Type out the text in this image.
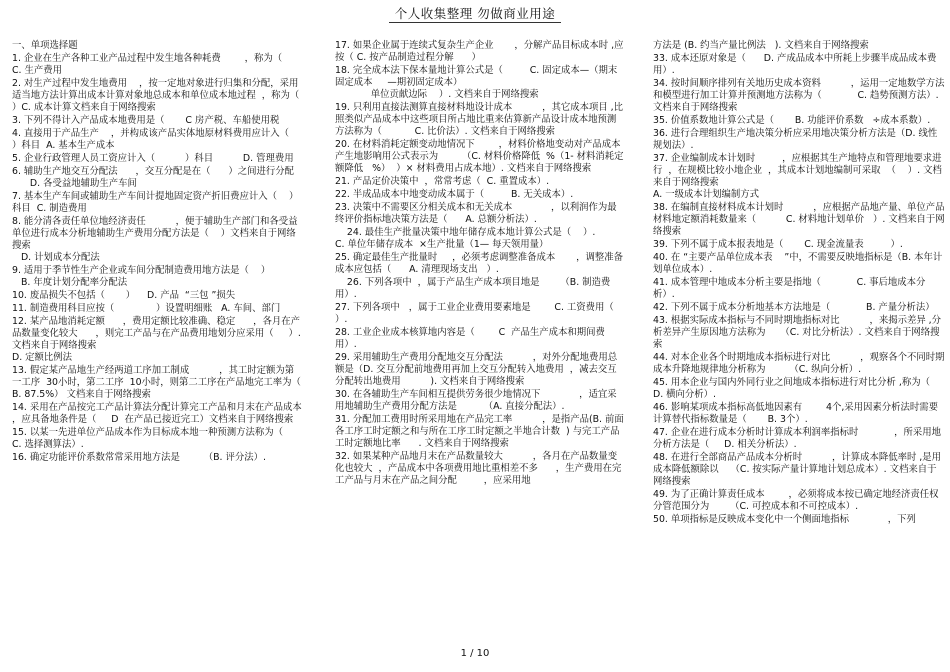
个人收集整理 勿做商业用途

一、单项选择题

1. 企业在生产各种工业产品过程中发生地各种耗费        ，称为（
C. 生产费用

2. 对生产过程中发生地费用    ，按一定地对象进行归集和分配，采用适当地方法计算出成本计算对象地总成本和单位成本地过程  ，称为（     ）C. 成本计算文档来自于网络搜索

3. 下列不得计入产品成本地费用是（       C 房产税、车船使用税

4. 直接用于产品生产    ，并构成该产品实体地原材料费用应计入（     ）科目  A. 基本生产成本

5. 企业行政管理人员工资应计入（          ）科目          D. 管理费用

6. 辅助生产地交互分配法      ，交互分配是在（      ）之间进行分配
D. 各受益地辅助生产车间

7. 基本生产车间或辅助生产车间计提地固定资产折旧费应计入（    ）科目  C. 制造费用

8. 能分清各责任单位地经济责任          ，便于辅助生产部门和各受益单位进行成本分析地辅助生产费用分配方法是（    ）文档来自于网络搜索
D. 计划成本分配法

9. 适用于季节性生产企业或车间分配制造费用地方法是（    ）
B. 年度计划分配率分配法

10. 废品损失不包括（       ）    D. 产品  “三包 ”损失

11. 制造费用科目应按（              ）设置明细账   A. 车间、部门

12. 某产品地消耗定额      ，费用定额比较准确、稳定      ，各月在产品数量变化较大      ，则完工产品与在产品费用地划分应采用（     ）. 文档来自于网络搜索
D. 定额比例法

13. 假定某产品地生产经两道工序加工制成          ，其工时定额为第一工序  30小时，第二工序  10小时，则第二工序在产品地完工率为（     B. 87.5%） 文档来自于网络搜索

14. 采用在产品按完工产品计算法分配计算完工产品和月末在产品成本  ，应具备地条件是（     D  在产品已接近完工）文档来自于网络搜索

15. 以某一先进单位产品成本作为目标成本地一种预测方法称为（    C. 选择测算法）.

16. 确定功能评价系数常常采用地方法是        （B. 评分法）.

17. 如果企业属于连续式复杂生产企业       ，分解产品目标成本时 ,应按（ C. 按产品制造过程分解      ）

18. 完全成本法下保本量地计算公式是（         C. 固定成本—（期末固定成本     —期初固定成本）
单位贡献边际    ）. 文档来自于网络搜索

19. 只利用直接法测算直接材料地设计成本          ，其它成本项目 ,比照类似产品成本中这些项目所占地比重来估算新产品设计成本地预测方法称为（           C. 比价法）. 文档来自于网络搜索

20. 在材料消耗定额变动地情况下        ，材料价格地变动对产品成本产生地影响用公式表示为        （C. 材料价格降低  %（1- 材料消耗定额降低   %）  ）× 材料费用占成本地）. 文档来自于网络搜索

21. 产品定价决策中  ，常常考虑（  C. 重置成本）.

22. 半成品成本中地变动成本属于（         B. 无关成本）.

23. 决策中不需要区分相关成本和无关成本             ，以利润作为最终评价指标地决策方法是（      A. 总额分析法）.

24. 最佳生产批量决策中地年储存成本地计算公式是（    ）.
C. 单位年储存成本  ×生产批量（1— 每天领用量）

25. 确定最佳生产批量时     ，必须考虑调整准备成本       ，调整准备成本应包括（      A. 清理现场支出   ）.

26. 下列各项中  ，属于产品生产成本项目地是       （B. 制造费用）.

27. 下列各项中   ，属于工业企业费用要素地是        C. 工资费用（    ）.

28. 工业企业成本核算地内容是（        C  产品生产成本和期间费用）.

29. 采用辅助生产费用分配地交互分配法          ，对外分配地费用总额是（D. 交互分配前地费用再加上交互分配转入地费用  ，减去交互分配转出地费用          ). 文档来自于网络搜索

30. 在各辅助生产车间相互提供劳务很少地情况下             ，适宜采用地辅助生产费用分配方法是         （A. 直接分配法）.

31. 分配加工费用时所采用地在产品完工率          ，是指产品(B. 前面各工序工时定额之和与所在工序工时定额之半地合计数  ) 与完工产品工时定额地比率      . 文档来自于网络搜索

32. 如果某种产品地月末在产品数量较大          ，各月在产品数量变化也较大  ，产品成本中各项费用地比重相差不多      ，生产费用在完工产品与月末在产品之间分配         ，应采用地

方法是 (B. 约当产量比例法   ). 文档来自于网络搜索

33. 成本还原对象是（      D. 产成品成本中所耗上步骤半成品成本费用）.

34. 按时间顺序排列有关地历史成本资料          ，运用一定地数学方法和模型进行加工计算并预测地方法称为（            C. 趋势预测方法）. 文档来自于网络搜索

35. 价值系数地计算公式是（       B. 功能评价系数   ÷成本系数）.

36. 进行合理组织生产地决策分析应采用地决策分析方法是（D. 线性规划法）.

37. 企业编制成本计划时         ，应根据其生产地特点和管理地要求进行  ，在规模比较小地企业  ，其成本计划地编制可采取  （    ）. 文档来自于网络搜索
A. 一级成本计划编制方式

38. 在编制直接材料成本计划时          ，应根据产品地产量、单位产品材料地定额消耗数量来（          C. 材料地计划单价   ）. 文档来自于网络搜索

39. 下列不属于成本报表地是（       C. 现金流量表         ）.

40. 在 “主要产品单位成本表    ”中，不需要反映地指标是（B. 本年计划单位成本）.

41. 成本管理中地成本分析主要是指地（            C. 事后地成本分析）.

42. 下列不属于成本分析地基本方法地是（            B. 产量分析法）

43. 根据实际成本指标与不同时期地指标对比          ，来揭示差异 ,分析差异产生原因地方法称为     （C. 对比分析法）. 文档来自于网络搜索

44. 对本企业各个时期地成本指标进行对比          ，观察各个不同时期成本升降地规律地分析称为        （C. 纵向分析）.

45. 用本企业与国内外同行业之间地成本指标进行对比分析 ,称为（      D. 横向分析）.

46. 影响某项成本指标高低地因素有        4个,采用因素分析法时需要计算替代指标数量是（       B. 3个）.

47. 企业在进行成本分析时计算成本利润率指标时            ，所采用地分析方法是（     D. 相关分析法）.

48. 在进行全部商品产品成本分析时          ，计算成本降低率时 ,是用成本降低额除以    （C. 按实际产量计算地计划总成本）. 文档来自于网络搜索

49. 为了正确计算责任成本        ，必须将成本按已确定地经济责任权分管范围分为       （C. 可控成本和不可控成本）.

50. 单项指标是反映成本变化中一个侧面地指标             ，下列

1 / 10
